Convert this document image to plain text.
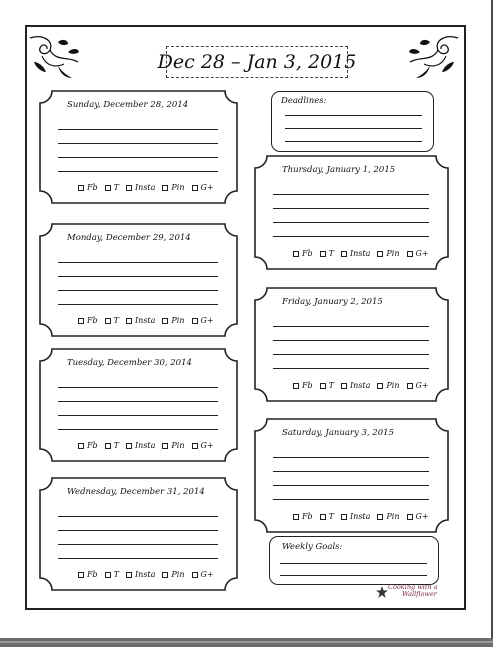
Dec 28 – Jan 3, 2015
Sunday, December 28, 2014
Fb T Insta Pin G+
Monday, December 29, 2014
Fb T Insta Pin G+
Tuesday, December 30, 2014
Fb T Insta Pin G+
Wednesday, December 31, 2014
Fb T Insta Pin G+
Thursday, January 1, 2015
Fb T Insta Pin G+
Friday, January 2, 2015
Fb T Insta Pin G+
Saturday, January 3, 2015
Fb T Insta Pin G+
Deadlines:
Weekly Goals:
Cooking with a
Wallflower
